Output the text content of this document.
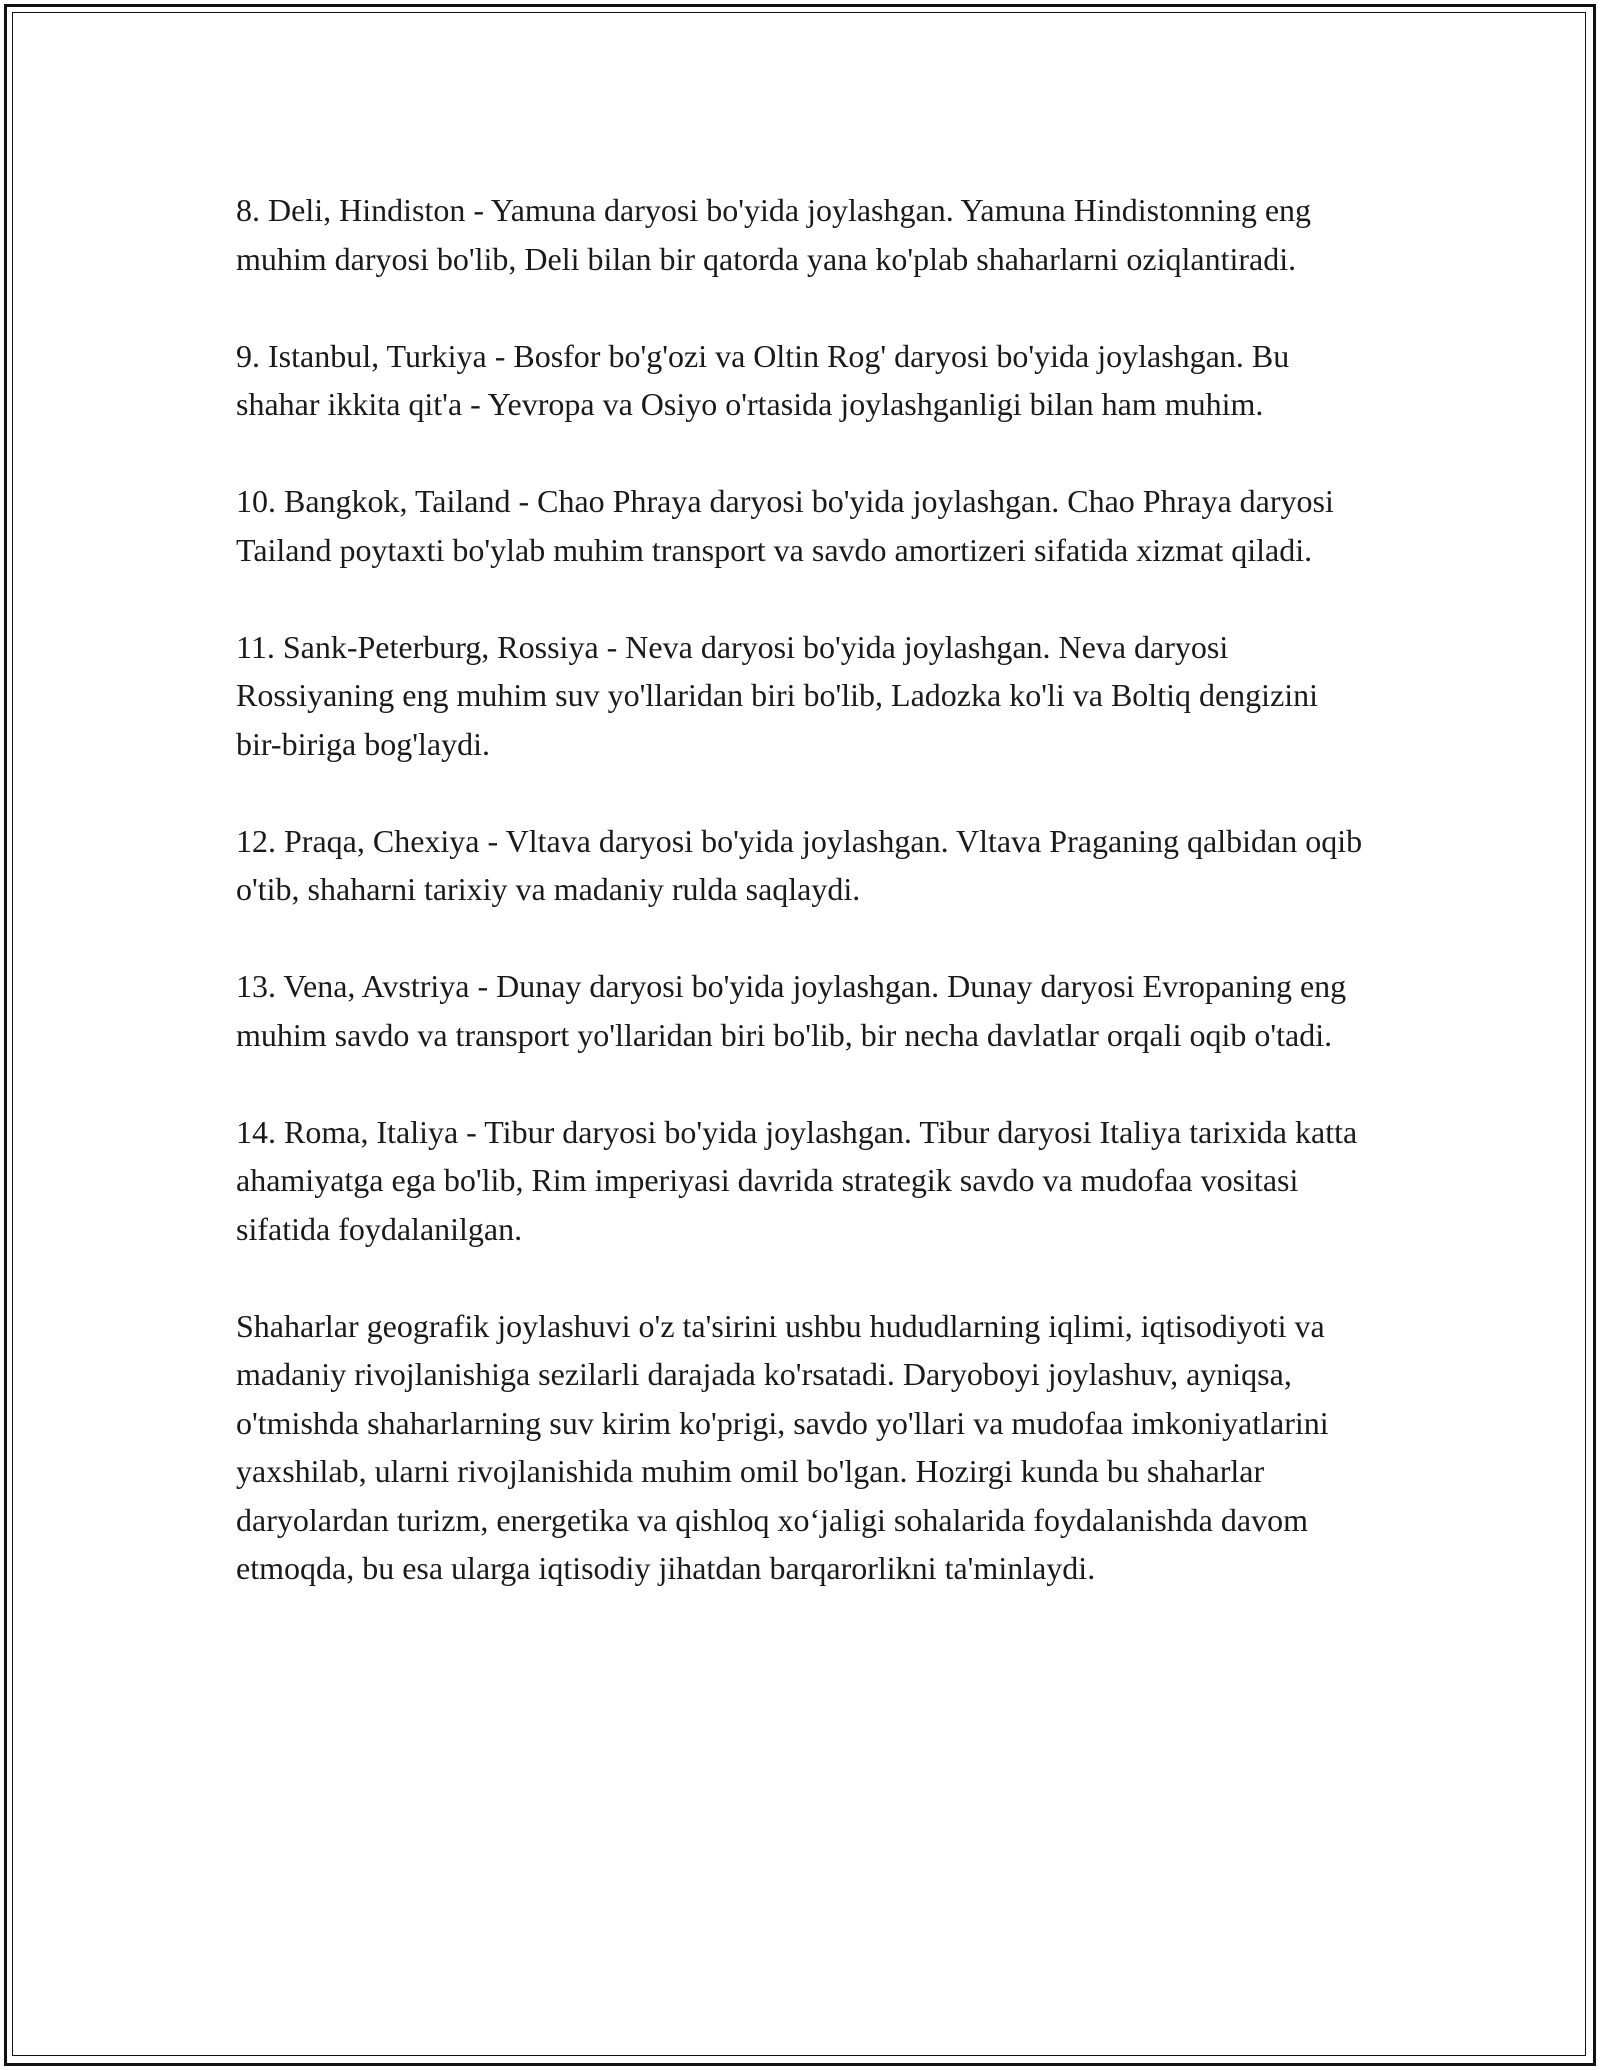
8. Deli, Hindiston - Yamuna daryosi bo'yida joylashgan. Yamuna Hindistonning eng muhim daryosi bo'lib, Deli bilan bir qatorda yana ko'plab shaharlarni oziqlantiradi.

9. Istanbul, Turkiya - Bosfor bo'g'ozi va Oltin Rog' daryosi bo'yida joylashgan. Bu shahar ikkita qit'a - Yevropa va Osiyo o'rtasida joylashganligi bilan ham muhim.

10. Bangkok, Tailand - Chao Phraya daryosi bo'yida joylashgan. Chao Phraya daryosi Tailand poytaxti bo'ylab muhim transport va savdo amortizeri sifatida xizmat qiladi.

11. Sank-Peterburg, Rossiya - Neva daryosi bo'yida joylashgan. Neva daryosi Rossiyaning eng muhim suv yo'llaridan biri bo'lib, Ladozka ko'li va Boltiq dengizini bir-biriga bog'laydi.

12. Praqa, Chexiya - Vltava daryosi bo'yida joylashgan. Vltava Praganing qalbidan oqib o'tib, shaharni tarixiy va madaniy rulda saqlaydi.

13. Vena, Avstriya - Dunay daryosi bo'yida joylashgan. Dunay daryosi Evropaning eng muhim savdo va transport yo'llaridan biri bo'lib, bir necha davlatlar orqali oqib o'tadi.

14. Roma, Italiya - Tibur daryosi bo'yida joylashgan. Tibur daryosi Italiya tarixida katta ahamiyatga ega bo'lib, Rim imperiyasi davrida strategik savdo va mudofaa vositasi sifatida foydalanilgan.

Shaharlar geografik joylashuvi o'z ta'sirini ushbu hududlarning iqlimi, iqtisodiyoti va madaniy rivojlanishiga sezilarli darajada ko'rsatadi. Daryoboyi joylashuv, ayniqsa, o'tmishda shaharlarning suv kirim ko'prigi, savdo yo'llari va mudofaa imkoniyatlarini yaxshilab, ularni rivojlanishida muhim omil bo'lgan. Hozirgi kunda bu shaharlar daryolardan turizm, energetika va qishloq xo‘jaligi sohalarida foydalanishda davom etmoqda, bu esa ularga iqtisodiy jihatdan barqarorlikni ta'minlaydi.
